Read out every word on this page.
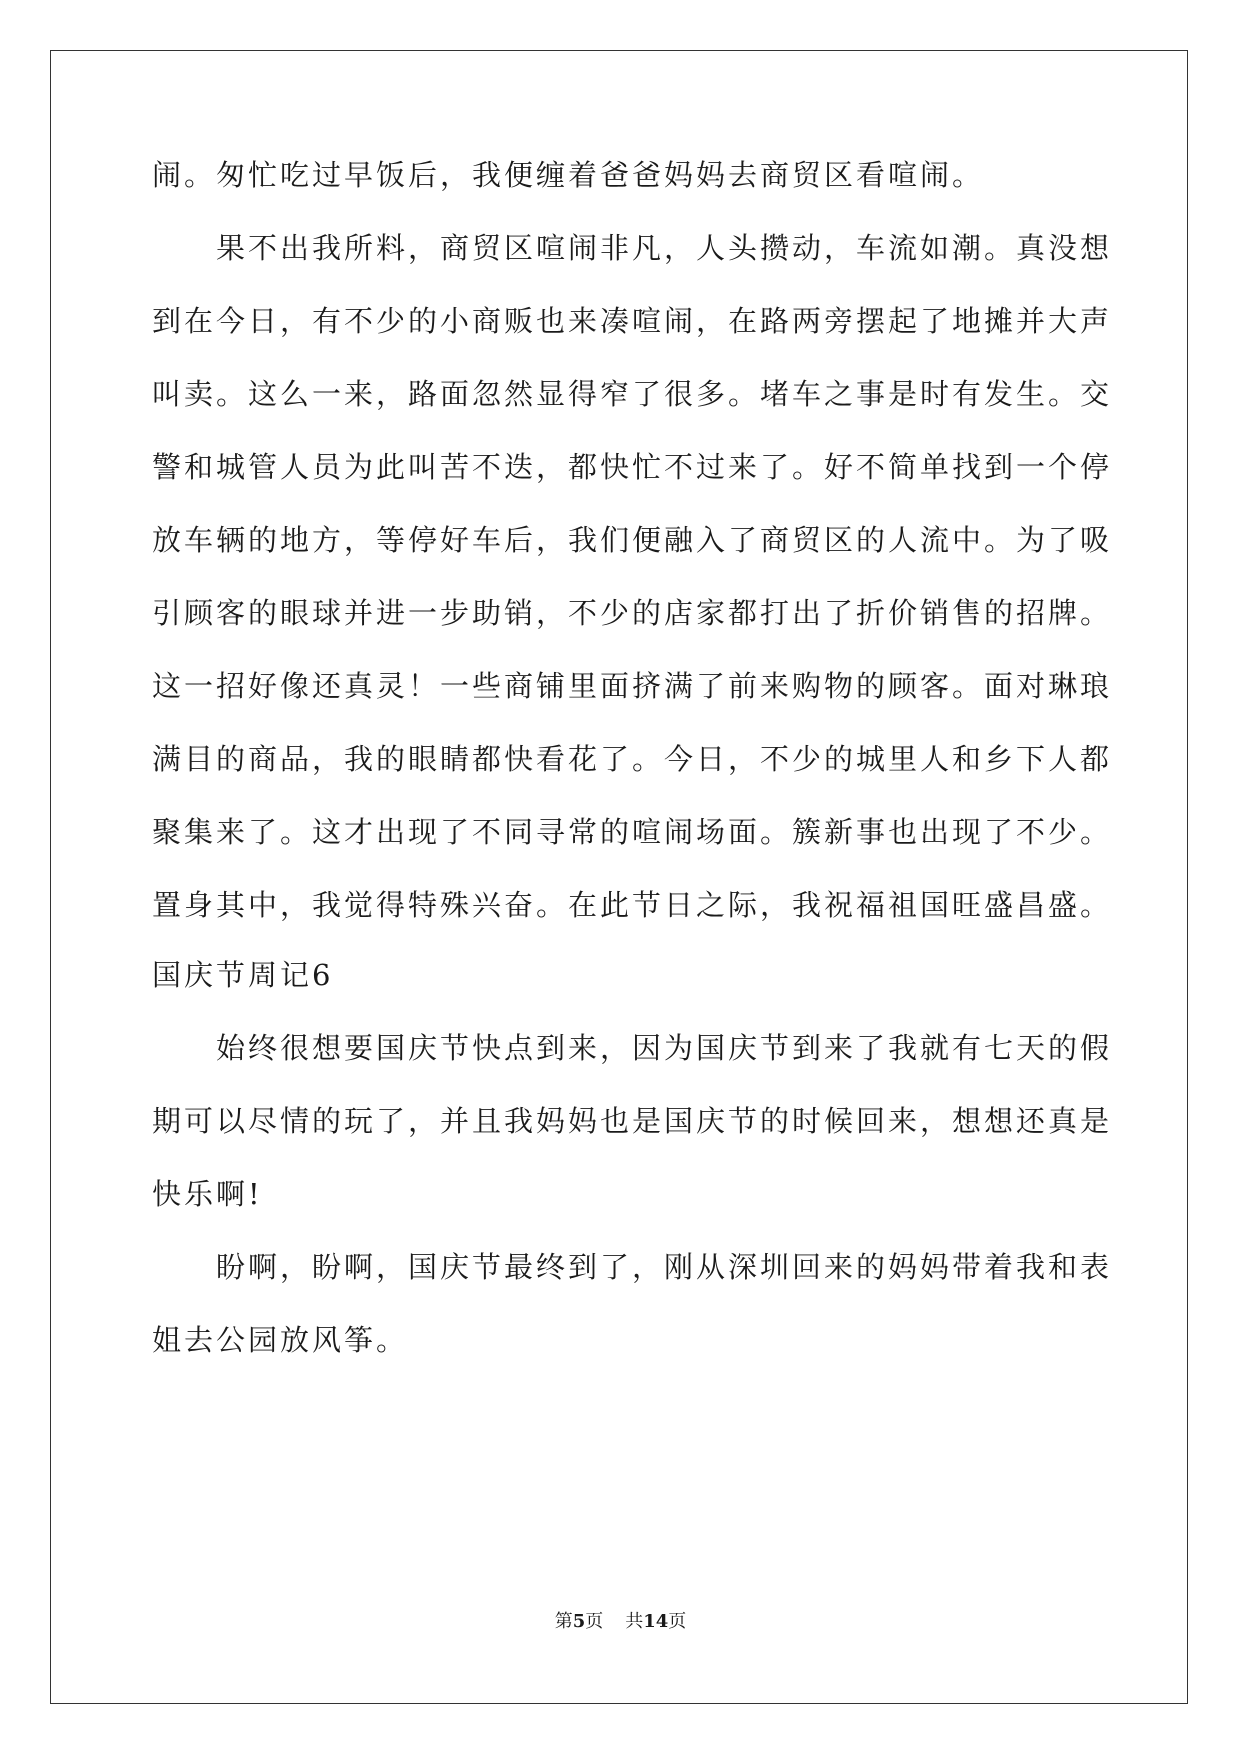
闹。匆忙吃过早饭后，我便缠着爸爸妈妈去商贸区看喧闹。

　　果不出我所料，商贸区喧闹非凡，人头攒动，车流如潮。真没想

到在今日，有不少的小商贩也来凑喧闹，在路两旁摆起了地摊并大声

叫卖。这么一来，路面忽然显得窄了很多。堵车之事是时有发生。交

警和城管人员为此叫苦不迭，都快忙不过来了。好不简单找到一个停

放车辆的地方，等停好车后，我们便融入了商贸区的人流中。为了吸

引顾客的眼球并进一步助销，不少的店家都打出了折价销售的招牌。

这一招好像还真灵！一些商铺里面挤满了前来购物的顾客。面对琳琅

满目的商品，我的眼睛都快看花了。今日，不少的城里人和乡下人都

聚集来了。这才出现了不同寻常的喧闹场面。簇新事也出现了不少。

置身其中，我觉得特殊兴奋。在此节日之际，我祝福祖国旺盛昌盛。

国庆节周记6

　　始终很想要国庆节快点到来，因为国庆节到来了我就有七天的假

期可以尽情的玩了，并且我妈妈也是国庆节的时候回来，想想还真是

快乐啊!

　　盼啊，盼啊，国庆节最终到了，刚从深圳回来的妈妈带着我和表

姐去公园放风筝。

第5页 共14页
